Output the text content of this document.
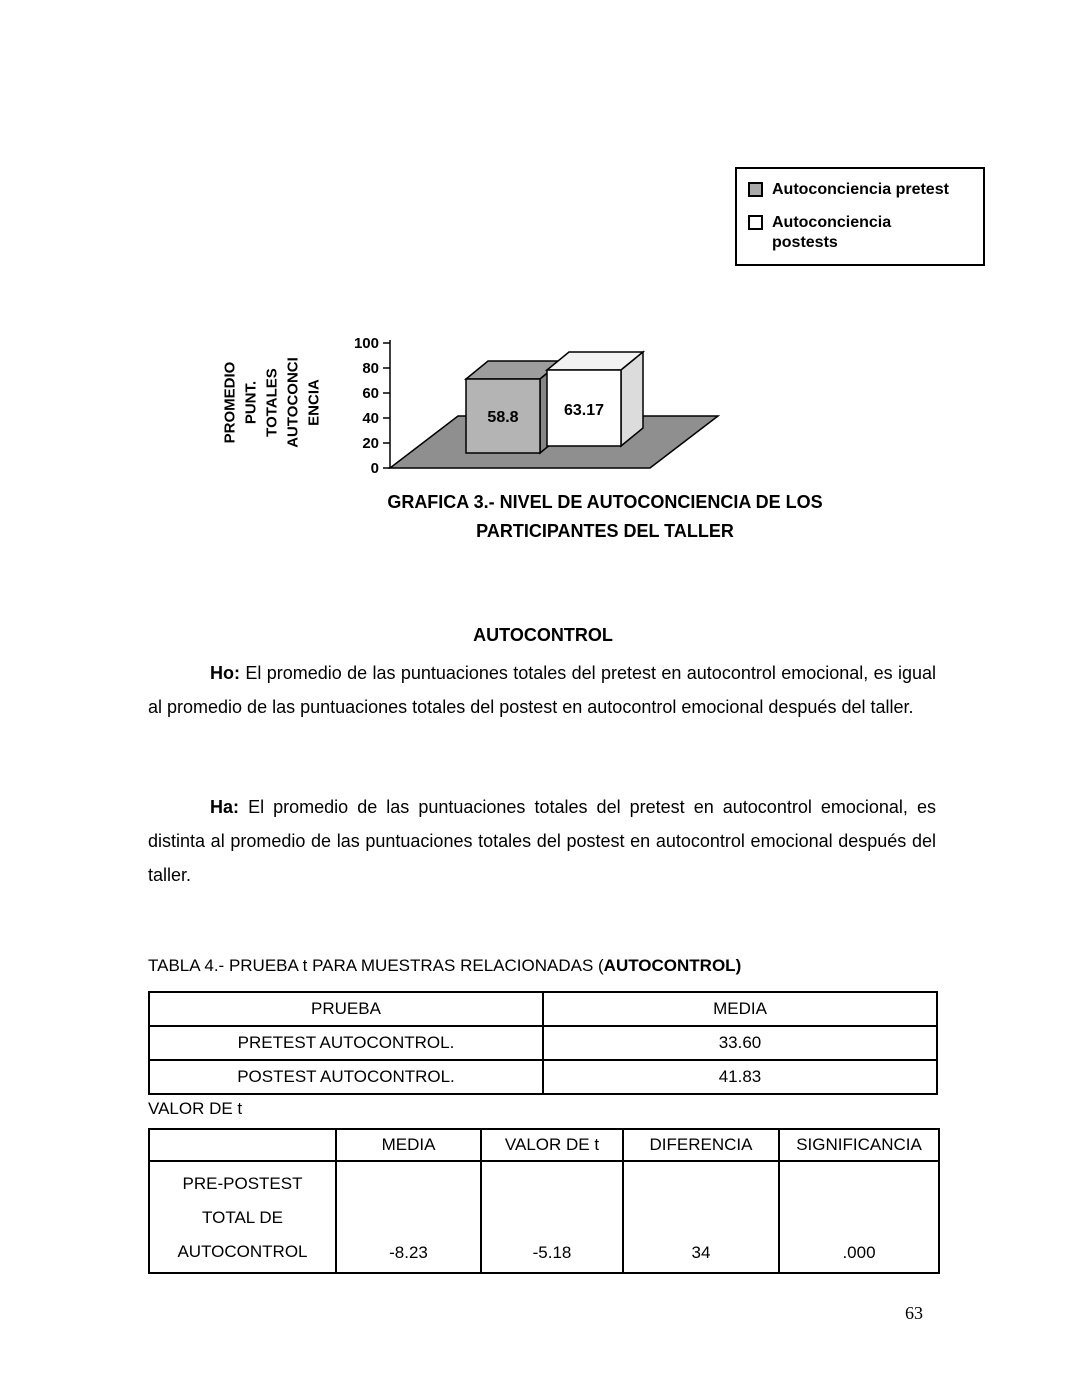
Autoconciencia pretest
Autoconciencia postests
100
80
60
40
20
0
58.8	63.17
PROMEDIO PUNT. TOTALES AUTOCONCI ENCIA
GRAFICA 3.- NIVEL DE AUTOCONCIENCIA DE LOS
PARTICIPANTES DEL TALLER
AUTOCONTROL

Ho: El promedio de las puntuaciones totales del pretest en autocontrol emocional, es igual al promedio de las puntuaciones totales del postest en autocontrol emocional después del taller.

Ha: El promedio de las puntuaciones totales del pretest en autocontrol emocional, es distinta al promedio de las puntuaciones totales del postest en autocontrol emocional después del taller.

TABLA 4.- PRUEBA t PARA MUESTRAS RELACIONADAS (AUTOCONTROL)
PRUEBA	MEDIA
PRETEST AUTOCONTROL.	33.60
POSTEST AUTOCONTROL.	41.83
VALOR DE t
	MEDIA	VALOR DE t	DIFERENCIA	SIGNIFICANCIA

PRE-POSTEST
TOTAL DE
AUTOCONTROL	-8.23	-5.18	34	.000
63
